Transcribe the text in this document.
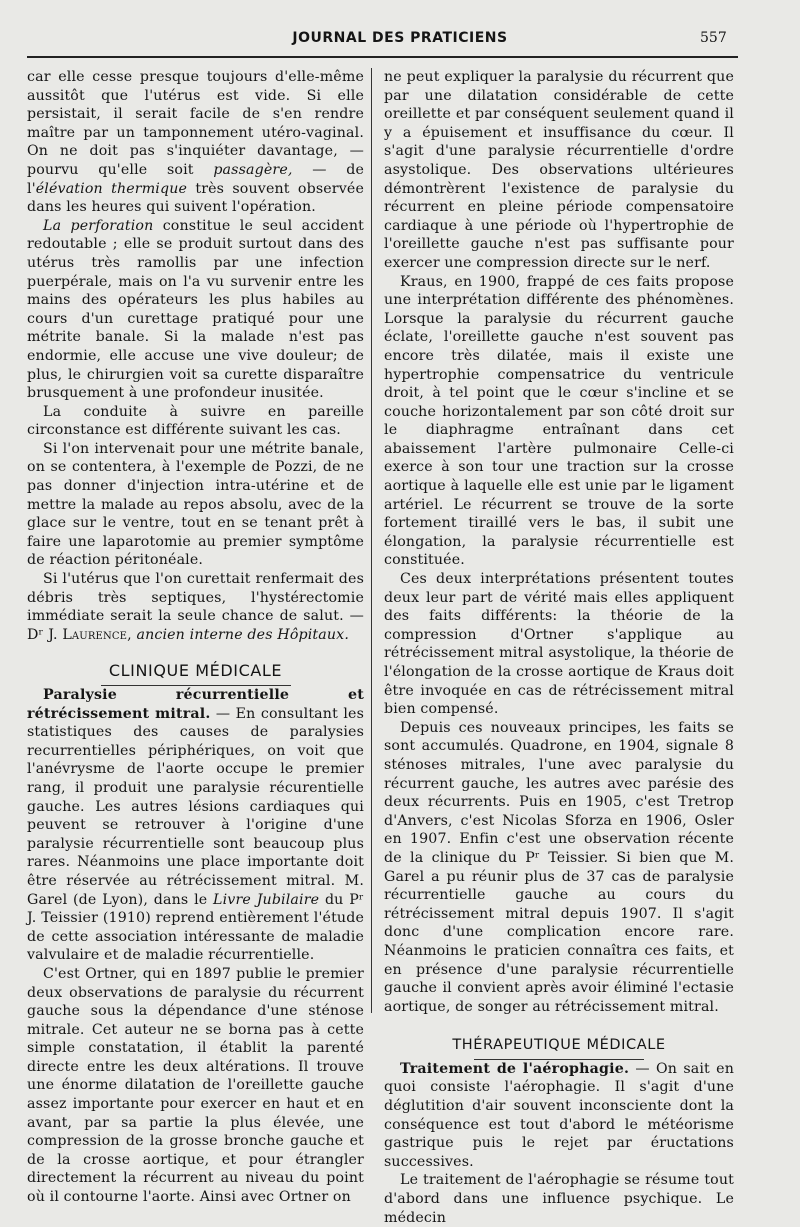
JOURNAL DES PRATICIENS	557

car elle cesse presque toujours d'elle-même aussitôt que l'utérus est vide. Si elle persistait, il serait facile de s'en rendre maître par un tamponnement utéro-vaginal. On ne doit pas s'inquiéter davantage, — pourvu qu'elle soit passagère, — de l'élévation thermique très souvent observée dans les heures qui suivent l'opération.

La perforation constitue le seul accident redoutable ; elle se produit surtout dans des utérus très ramollis par une infection puerpérale, mais on l'a vu survenir entre les mains des opérateurs les plus habiles au cours d'un curettage pratiqué pour une métrite banale. Si la malade n'est pas endormie, elle accuse une vive douleur; de plus, le chirurgien voit sa curette disparaître brusquement à une profondeur inusitée.

La conduite à suivre en pareille circonstance est différente suivant les cas.

Si l'on intervenait pour une métrite banale, on se contentera, à l'exemple de Pozzi, de ne pas donner d'injection intra-utérine et de mettre la malade au repos absolu, avec de la glace sur le ventre, tout en se tenant prêt à faire une laparotomie au premier symptôme de réaction péritonéale.

Si l'utérus que l'on curettait renfermait des débris très septiques, l'hystérectomie immédiate serait la seule chance de salut. — Dʳ J. Laurence, ancien interne des Hôpitaux.

CLINIQUE MÉDICALE

Paralysie récurrentielle et rétrécissement mitral. — En consultant les statistiques des causes de paralysies recurrentielles périphériques, on voit que l'anévrysme de l'aorte occupe le premier rang, il produit une paralysie récurentielle gauche. Les autres lésions cardiaques qui peuvent se retrouver à l'origine d'une paralysie récurrentielle sont beaucoup plus rares. Néanmoins une place importante doit être réservée au rétrécissement mitral. M. Garel (de Lyon), dans le Livre Jubilaire du Pʳ J. Teissier (1910) reprend entièrement l'étude de cette association intéressante de maladie valvulaire et de maladie récurrentielle.

C'est Ortner, qui en 1897 publie le premier deux observations de paralysie du récurrent gauche sous la dépendance d'une sténose mitrale. Cet auteur ne se borna pas à cette simple constatation, il établit la parenté directe entre les deux altérations. Il trouve une énorme dilatation de l'oreillette gauche assez importante pour exercer en haut et en avant, par sa partie la plus élevée, une compression de la grosse bronche gauche et de la crosse aortique, et pour étrangler directement la récurrent au niveau du point où il contourne l'aorte. Ainsi avec Ortner on

ne peut expliquer la paralysie du récurrent que par une dilatation considérable de cette oreillette et par conséquent seulement quand il y a épuisement et insuffisance du cœur. Il s'agit d'une paralysie récurrentielle d'ordre asystolique. Des observations ultérieures démontrèrent l'existence de paralysie du récurrent en pleine période compensatoire cardiaque à une période où l'hypertrophie de l'oreillette gauche n'est pas suffisante pour exercer une compression directe sur le nerf.

Kraus, en 1900, frappé de ces faits propose une interprétation différente des phénomènes. Lorsque la paralysie du récurrent gauche éclate, l'oreillette gauche n'est souvent pas encore très dilatée, mais il existe une hypertrophie compensatrice du ventricule droit, à tel point que le cœur s'incline et se couche horizontalement par son côté droit sur le diaphragme entraînant dans cet abaissement l'artère pulmonaire Celle-ci exerce à son tour une traction sur la crosse aortique à laquelle elle est unie par le ligament artériel. Le récurrent se trouve de la sorte fortement tiraillé vers le bas, il subit une élongation, la paralysie récurrentielle est constituée.

Ces deux interprétations présentent toutes deux leur part de vérité mais elles appliquent des faits différents: la théorie de la compression d'Ortner s'applique au rétrécissement mitral asystolique, la théorie de l'élongation de la crosse aortique de Kraus doit être invoquée en cas de rétrécissement mitral bien compensé.

Depuis ces nouveaux principes, les faits se sont accumulés. Quadrone, en 1904, signale 8 sténoses mitrales, l'une avec paralysie du récurrent gauche, les autres avec parésie des deux récurrents. Puis en 1905, c'est Tretrop d'Anvers, c'est Nicolas Sforza en 1906, Osler en 1907. Enfin c'est une observation récente de la clinique du Pʳ Teissier. Si bien que M. Garel a pu réunir plus de 37 cas de paralysie récurrentielle gauche au cours du rétrécissement mitral depuis 1907. Il s'agit donc d'une complication encore rare. Néanmoins le praticien connaîtra ces faits, et en présence d'une paralysie récurrentielle gauche il convient après avoir éliminé l'ectasie aortique, de songer au rétrécissement mitral.

THÉRAPEUTIQUE MÉDICALE

Traitement de l'aérophagie. — On sait en quoi consiste l'aérophagie. Il s'agit d'une déglutition d'air souvent inconsciente dont la conséquence est tout d'abord le météorisme gastrique puis le rejet par éructations successives.

Le traitement de l'aérophagie se résume tout d'abord dans une influence psychique. Le médecin
